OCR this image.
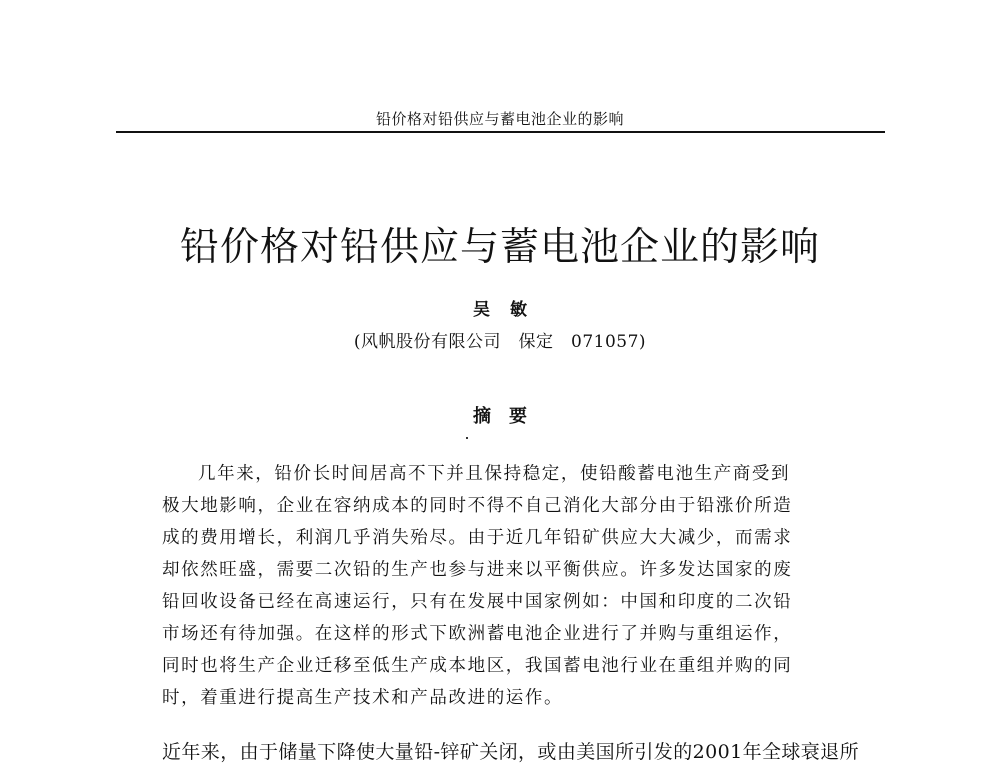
铅价格对铅供应与蓄电池企业的影响
铅价格对铅供应与蓄电池企业的影响
吴敏
(风帆股份有限公司　保定　071057)
摘要
几年来，铅价长时间居高不下并且保持稳定，使铅酸蓄电池生产商受到
极大地影响，企业在容纳成本的同时不得不自己消化大部分由于铅涨价所造
成的费用增长，利润几乎消失殆尽。由于近几年铅矿供应大大减少，而需求
却依然旺盛，需要二次铅的生产也参与进来以平衡供应。许多发达国家的废
铅回收设备已经在高速运行，只有在发展中国家例如：中国和印度的二次铅
市场还有待加强。在这样的形式下欧洲蓄电池企业进行了并购与重组运作，
同时也将生产企业迁移至低生产成本地区，我国蓄电池行业在重组并购的同
时，着重进行提高生产技术和产品改进的运作。
近年来，由于储量下降使大量铅-锌矿关闭，或由美国所引发的2001年全球衰退所
